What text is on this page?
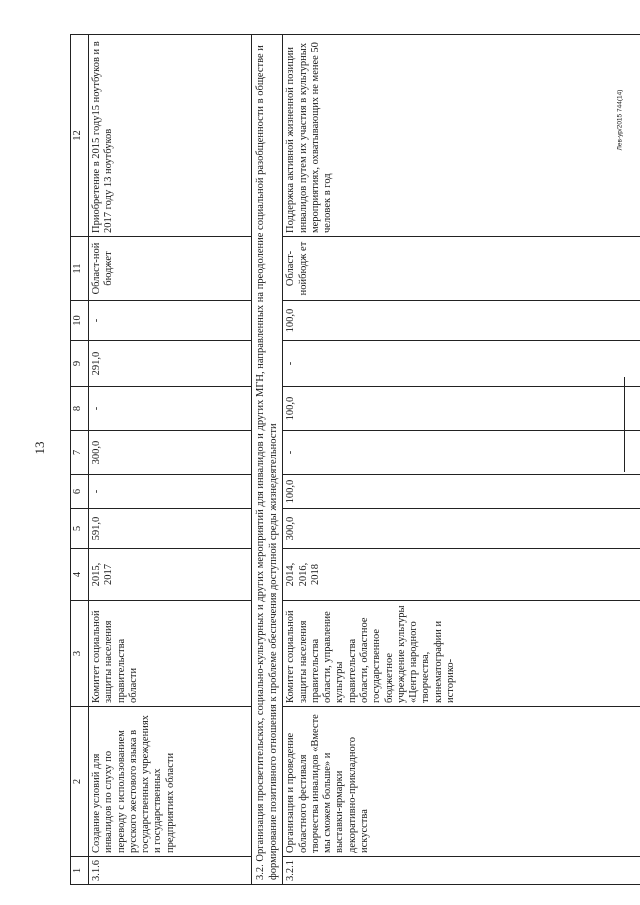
13
Лев-ур/2015 744(14)
1	2	3	4	5	6	7	8	9	10	11	12
3.1.6	Создание условий для инвалидов по слуху по переводу с использованием русского жестового языка в государственных учреждениях и государственных предприятиях области	Комитет социальной защиты населения правительства области	2015, 2017	591,0	-	300,0	-	291,0	-	Област-ной бюджет	Приобретение в 2015 году15 ноутбуков и в 2017 году 13 ноутбуков
3.2. Организация просветительских, социально-культурных и других мероприятий для инвалидов и других МГН, направленных на преодоление социальной разобщенности в обществе и формирование позитивного отношения к проблеме обеспечения доступной среды жизнедеятельности											
3.2.1	Организация и проведение областного фестиваля творчества инвалидов «Вместе мы сможем больше» и выставки-ярмарки декоративно-прикладного искусства	Комитет социальной защиты населения правительства области, управление культуры правительства области, областное государственное бюджетное учреждение культуры «Центр народного творчества, кинематографии и историко-	2014, 2016, 2018	300,0	100,0	-	100,0	-	100,0	Област-нойбюдж ет	Поддержка активной жизненной позиции инвалидов путем их участия в культурных мероприятиях, охватывающих не менее 50 человек в год
